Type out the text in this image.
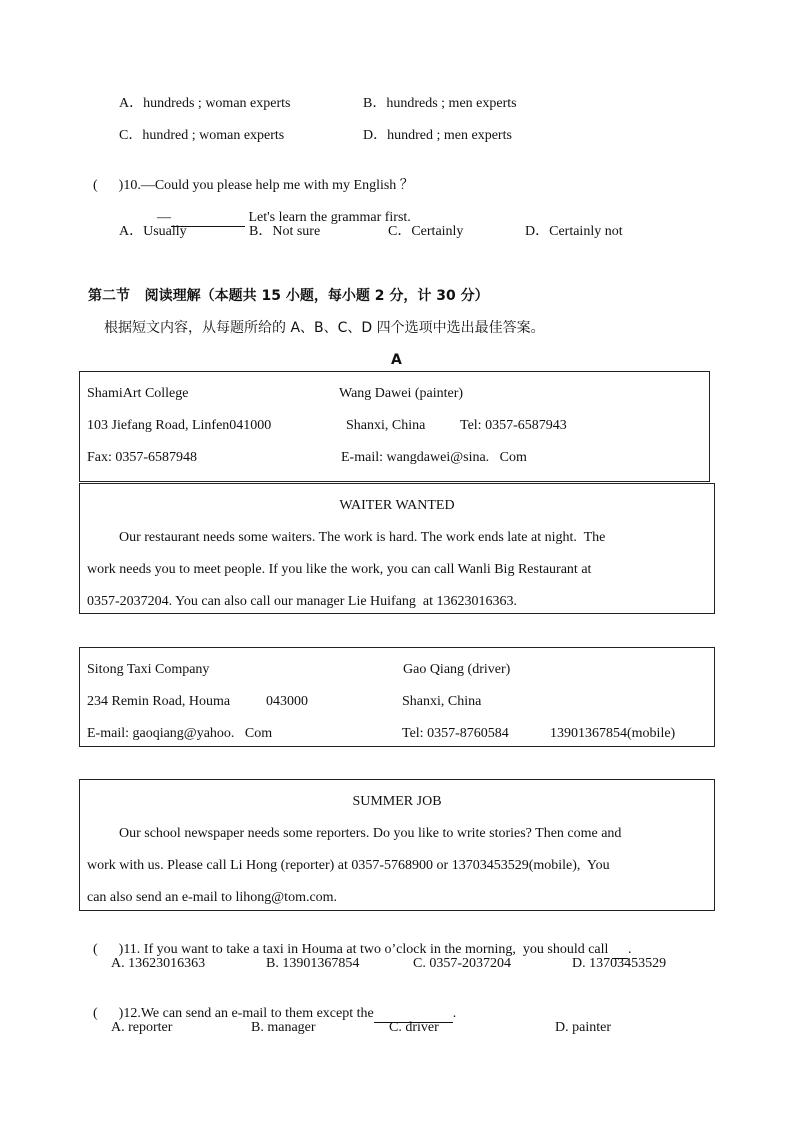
A．hundreds ; woman experts	B．hundreds ; men experts
C．hundred ; woman experts	D．hundred ; men experts

(      )10.—Could you please help me with my English ？

—	Let's learn the grammar first.

A．Usually	B．Not sure	C．Certainly	D．Certainly not
第二节   阅读理解（本题共 15 小题，每小题 2 分，计 30 分）
根据短文内容，从每题所给的 A、B、C、D 四个选项中选出最佳答案。
A
ShamiArt College	Wang Dawei (painter)
103 Jiefang Road, Linfen041000	Shanxi, China Tel: 0357-6587943
Fax: 0357-6587948	E-mail: wangdawei@sina.   Com
WAITER WANTED
Our restaurant needs some waiters. The work is hard. The work ends late at night.  The
work needs you to meet people. If you like the work, you can call Wanli Big Restaurant at
0357-2037204. You can also call our manager Lie Huifang  at 13623016363.
Sitong Taxi Company	Gao Qiang (driver)
234 Remin Road, Houma	043000	Shanxi, China
E-mail: gaoqiang@yahoo.   Com	Tel: 0357-8760584	13901367854(mobile)
SUMMER JOB
Our school newspaper needs some reporters. Do you like to write stories? Then come and
work with us. Please call Li Hong (reporter) at 0357-5768900 or 13703453529(mobile),  You
can also send an e-mail to lihong@tom.com.

(      )11. If you want to take a taxi in Houma at two o’clock in the morning,  you should call .

A. 13623016363	B. 13901367854	C. 0357-2037204	D. 13703453529

(      )12.We can send an e-mail to them except the	.

A. reporter	B. manager	C. driver	D. painter
